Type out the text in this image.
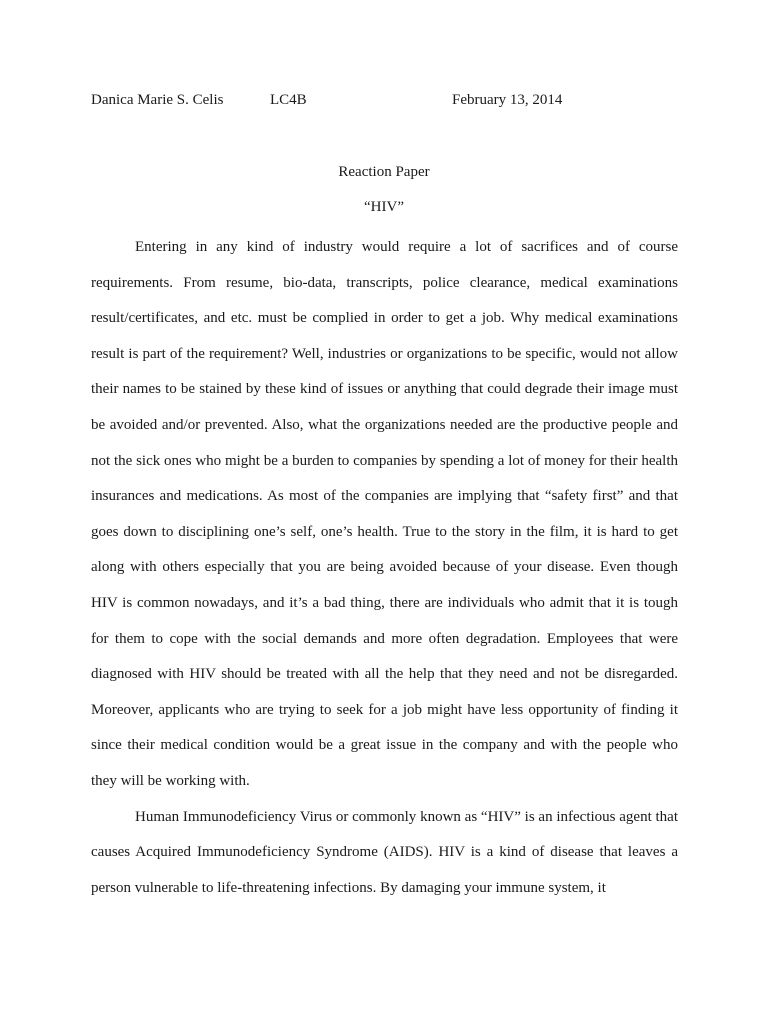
Danica Marie S. Celis	LC4B	February 13, 2014
Reaction Paper
“HIV”

Entering in any kind of industry would require a lot of sacrifices and of course requirements. From resume, bio-data, transcripts, police clearance, medical examinations result/certificates, and etc. must be complied in order to get a job. Why medical examinations result is part of the requirement? Well, industries or organizations to be specific, would not allow their names to be stained by these kind of issues or anything that could degrade their image must be avoided and/or prevented. Also, what the organizations needed are the productive people and not the sick ones who might be a burden to companies by spending a lot of money for their health insurances and medications. As most of the companies are implying that “safety first” and that goes down to disciplining one’s self, one’s health. True to the story in the film, it is hard to get along with others especially that you are being avoided because of your disease. Even though HIV is common nowadays, and it’s a bad thing, there are individuals who admit that it is tough for them to cope with the social demands and more often degradation. Employees that were diagnosed with HIV should be treated with all the help that they need and not be disregarded. Moreover, applicants who are trying to seek for a job might have less opportunity of finding it since their medical condition would be a great issue in the company and with the people who they will be working with.

Human Immunodeficiency Virus or commonly known as “HIV” is an infectious agent that causes Acquired Immunodeficiency Syndrome (AIDS). HIV is a kind of disease that leaves a person vulnerable to life-threatening infections. By damaging your immune system, it
